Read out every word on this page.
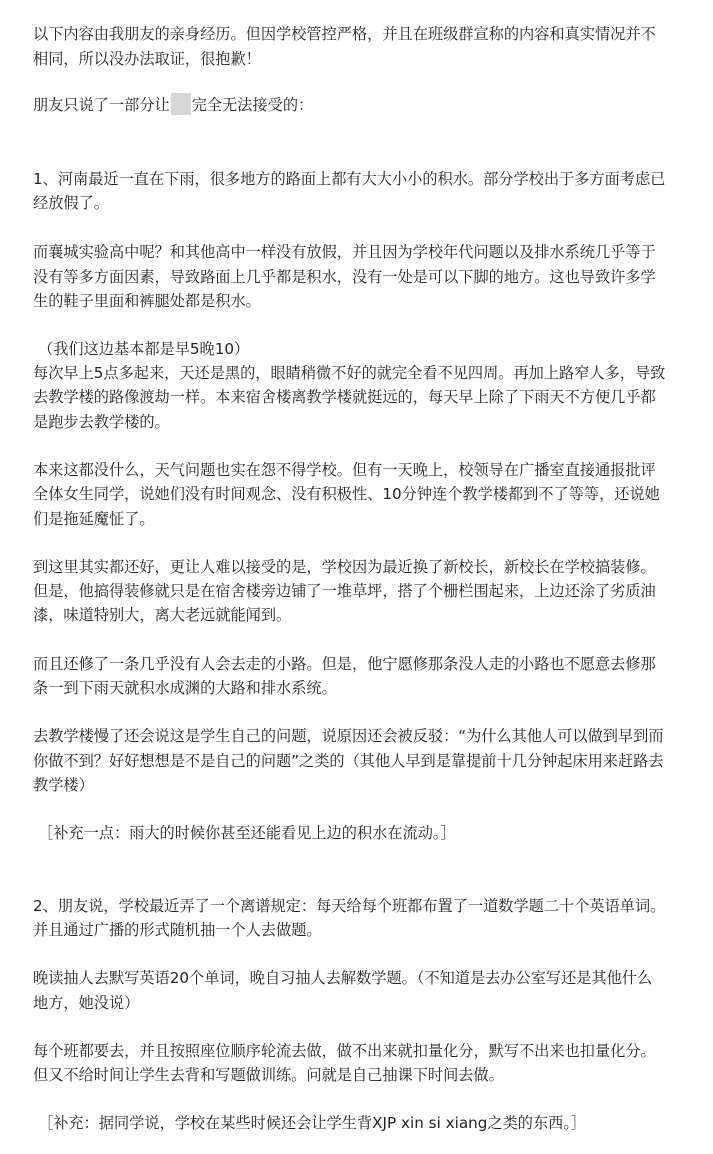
以下内容由我朋友的亲身经历。但因学校管控严格，并且在班级群宣称的内容和真实情况并不
相同，所以没办法取证，很抱歉！
朋友只说了一部分让 完全无法接受的：
1、河南最近一直在下雨，很多地方的路面上都有大大小小的积水。部分学校出于多方面考虑已
经放假了。
而襄城实验高中呢？和其他高中一样没有放假，并且因为学校年代问题以及排水系统几乎等于
没有等多方面因素，导致路面上几乎都是积水，没有一处是可以下脚的地方。这也导致许多学
生的鞋子里面和裤腿处都是积水。
（我们这边基本都是早5晚10）
每次早上5点多起来，天还是黑的，眼睛稍微不好的就完全看不见四周。再加上路窄人多，导致
去教学楼的路像渡劫一样。本来宿舍楼离教学楼就挺远的，每天早上除了下雨天不方便几乎都
是跑步去教学楼的。
本来这都没什么，天气问题也实在怨不得学校。但有一天晚上，校领导在广播室直接通报批评
全体女生同学，说她们没有时间观念、没有积极性、10分钟连个教学楼都到不了等等，还说她
们是拖延魔怔了。
到这里其实都还好，更让人难以接受的是，学校因为最近换了新校长，新校长在学校搞装修。
但是，他搞得装修就只是在宿舍楼旁边铺了一堆草坪，搭了个栅栏围起来，上边还涂了劣质油
漆，味道特别大，离大老远就能闻到。
而且还修了一条几乎没有人会去走的小路。但是，他宁愿修那条没人走的小路也不愿意去修那
条一到下雨天就积水成渊的大路和排水系统。
去教学楼慢了还会说这是学生自己的问题，说原因还会被反驳：“为什么其他人可以做到早到而
你做不到？好好想想是不是自己的问题”之类的（其他人早到是靠提前十几分钟起床用来赶路去
教学楼）
［补充一点：雨大的时候你甚至还能看见上边的积水在流动。］
2、朋友说，学校最近弄了一个离谱规定：每天给每个班都布置了一道数学题二十个英语单词。
并且通过广播的形式随机抽一个人去做题。
晚读抽人去默写英语20个单词，晚自习抽人去解数学题。（不知道是去办公室写还是其他什么
地方，她没说）
每个班都要去，并且按照座位顺序轮流去做，做不出来就扣量化分，默写不出来也扣量化分。
但又不给时间让学生去背和写题做训练。问就是自己抽课下时间去做。
［补充：据同学说，学校在某些时候还会让学生背XJP xin si xiang之类的东西。］
